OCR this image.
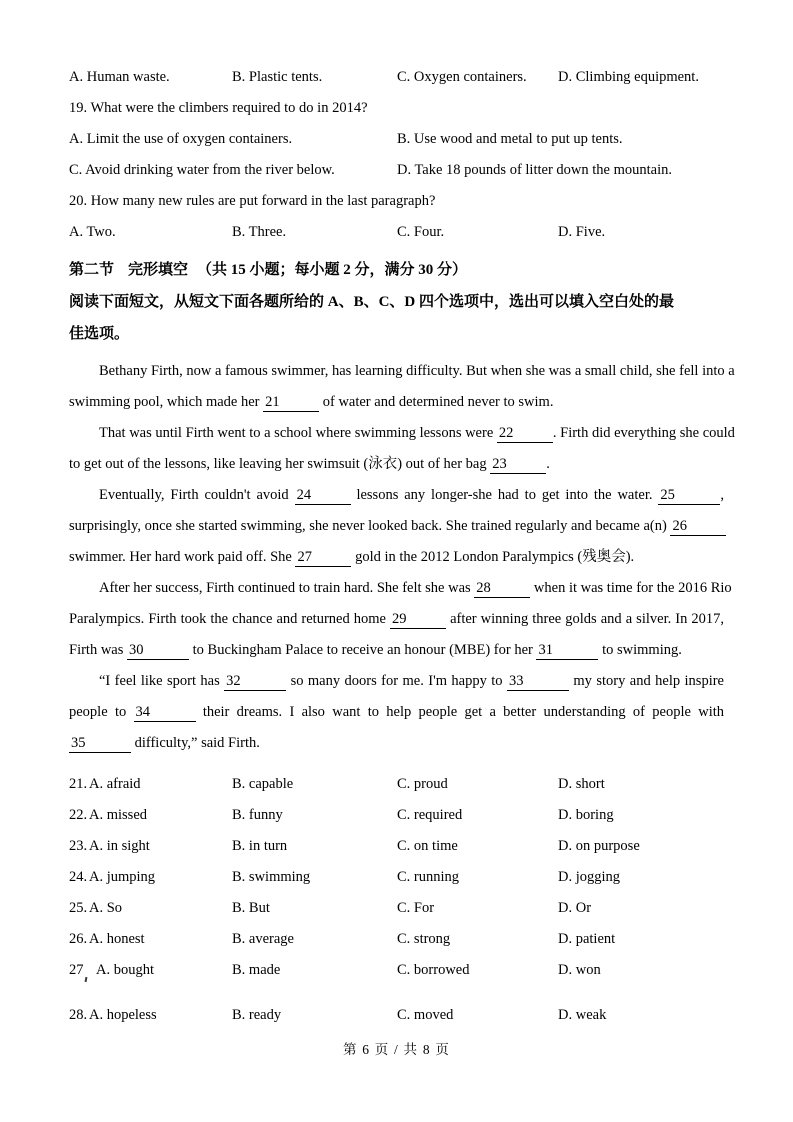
A. Human waste.	B. Plastic tents.	C. Oxygen containers. D. Climbing equipment.
19. What were the climbers required to do in 2014?
A. Limit the use of oxygen containers.	B. Use wood and metal to put up tents.
C. Avoid drinking water from the river below.	D. Take 18 pounds of litter down the mountain.
20. How many new rules are put forward in the last paragraph?
A. Two.	B. Three.	C. Four.	D. Five.
第二节 完形填空 （共 15 小题；每小题 2 分，满分 30 分）
阅读下面短文，从短文下面各题所给的 A、B、C、D 四个选项中，选出可以填入空白处的最
佳选项。
Bethany Firth, now a famous swimmer, has learning difficulty. But when she was a small child, she fell into a
swimming pool, which made her 21	of water and determined never to swim.
That was until Firth went to a school where swimming lessons were 22	. Firth did everything she could
to get out of the lessons, like leaving her swimsuit (泳衣) out of her bag 23	.
Eventually, Firth couldn't avoid 24	lessons any longer-she had to get into the water. 25	,
surprisingly, once she started swimming, she never looked back. She trained regularly and became a(n) 26
swimmer. Her hard work paid off. She 27	gold in the 2012 London Paralympics (残奥会).
After her success, Firth continued to train hard. She felt she was 28	when it was time for the 2016 Rio
Paralympics. Firth took the chance and returned home 29	after winning three golds and a silver. In 2017,
Firth was 30	to Buckingham Palace to receive an honour (MBE) for her 31	to swimming.
“I feel like sport has 32	so many doors for me. I'm happy to 33	my story and help inspire
people to 34	their dreams. I also want to help people get a better understanding of people with
35	difficulty,” said Firth.
21. A. afraid	B. capable	C. proud	D. short
22. A. missed	B. funny	C. required	D. boring
23. A. in sight	B. in turn	C. on time	D. on purpose
24. A. jumping	B. swimming	C. running	D. jogging
25. A. So	B. But	C. For	D. Or
26. A. honest	B. average	C. strong	D. patient
27 A. bought	B. made	C. borrowed	D. won
28. A. hopeless	B. ready	C. moved	D. weak
第 6 页 / 共 8 页
